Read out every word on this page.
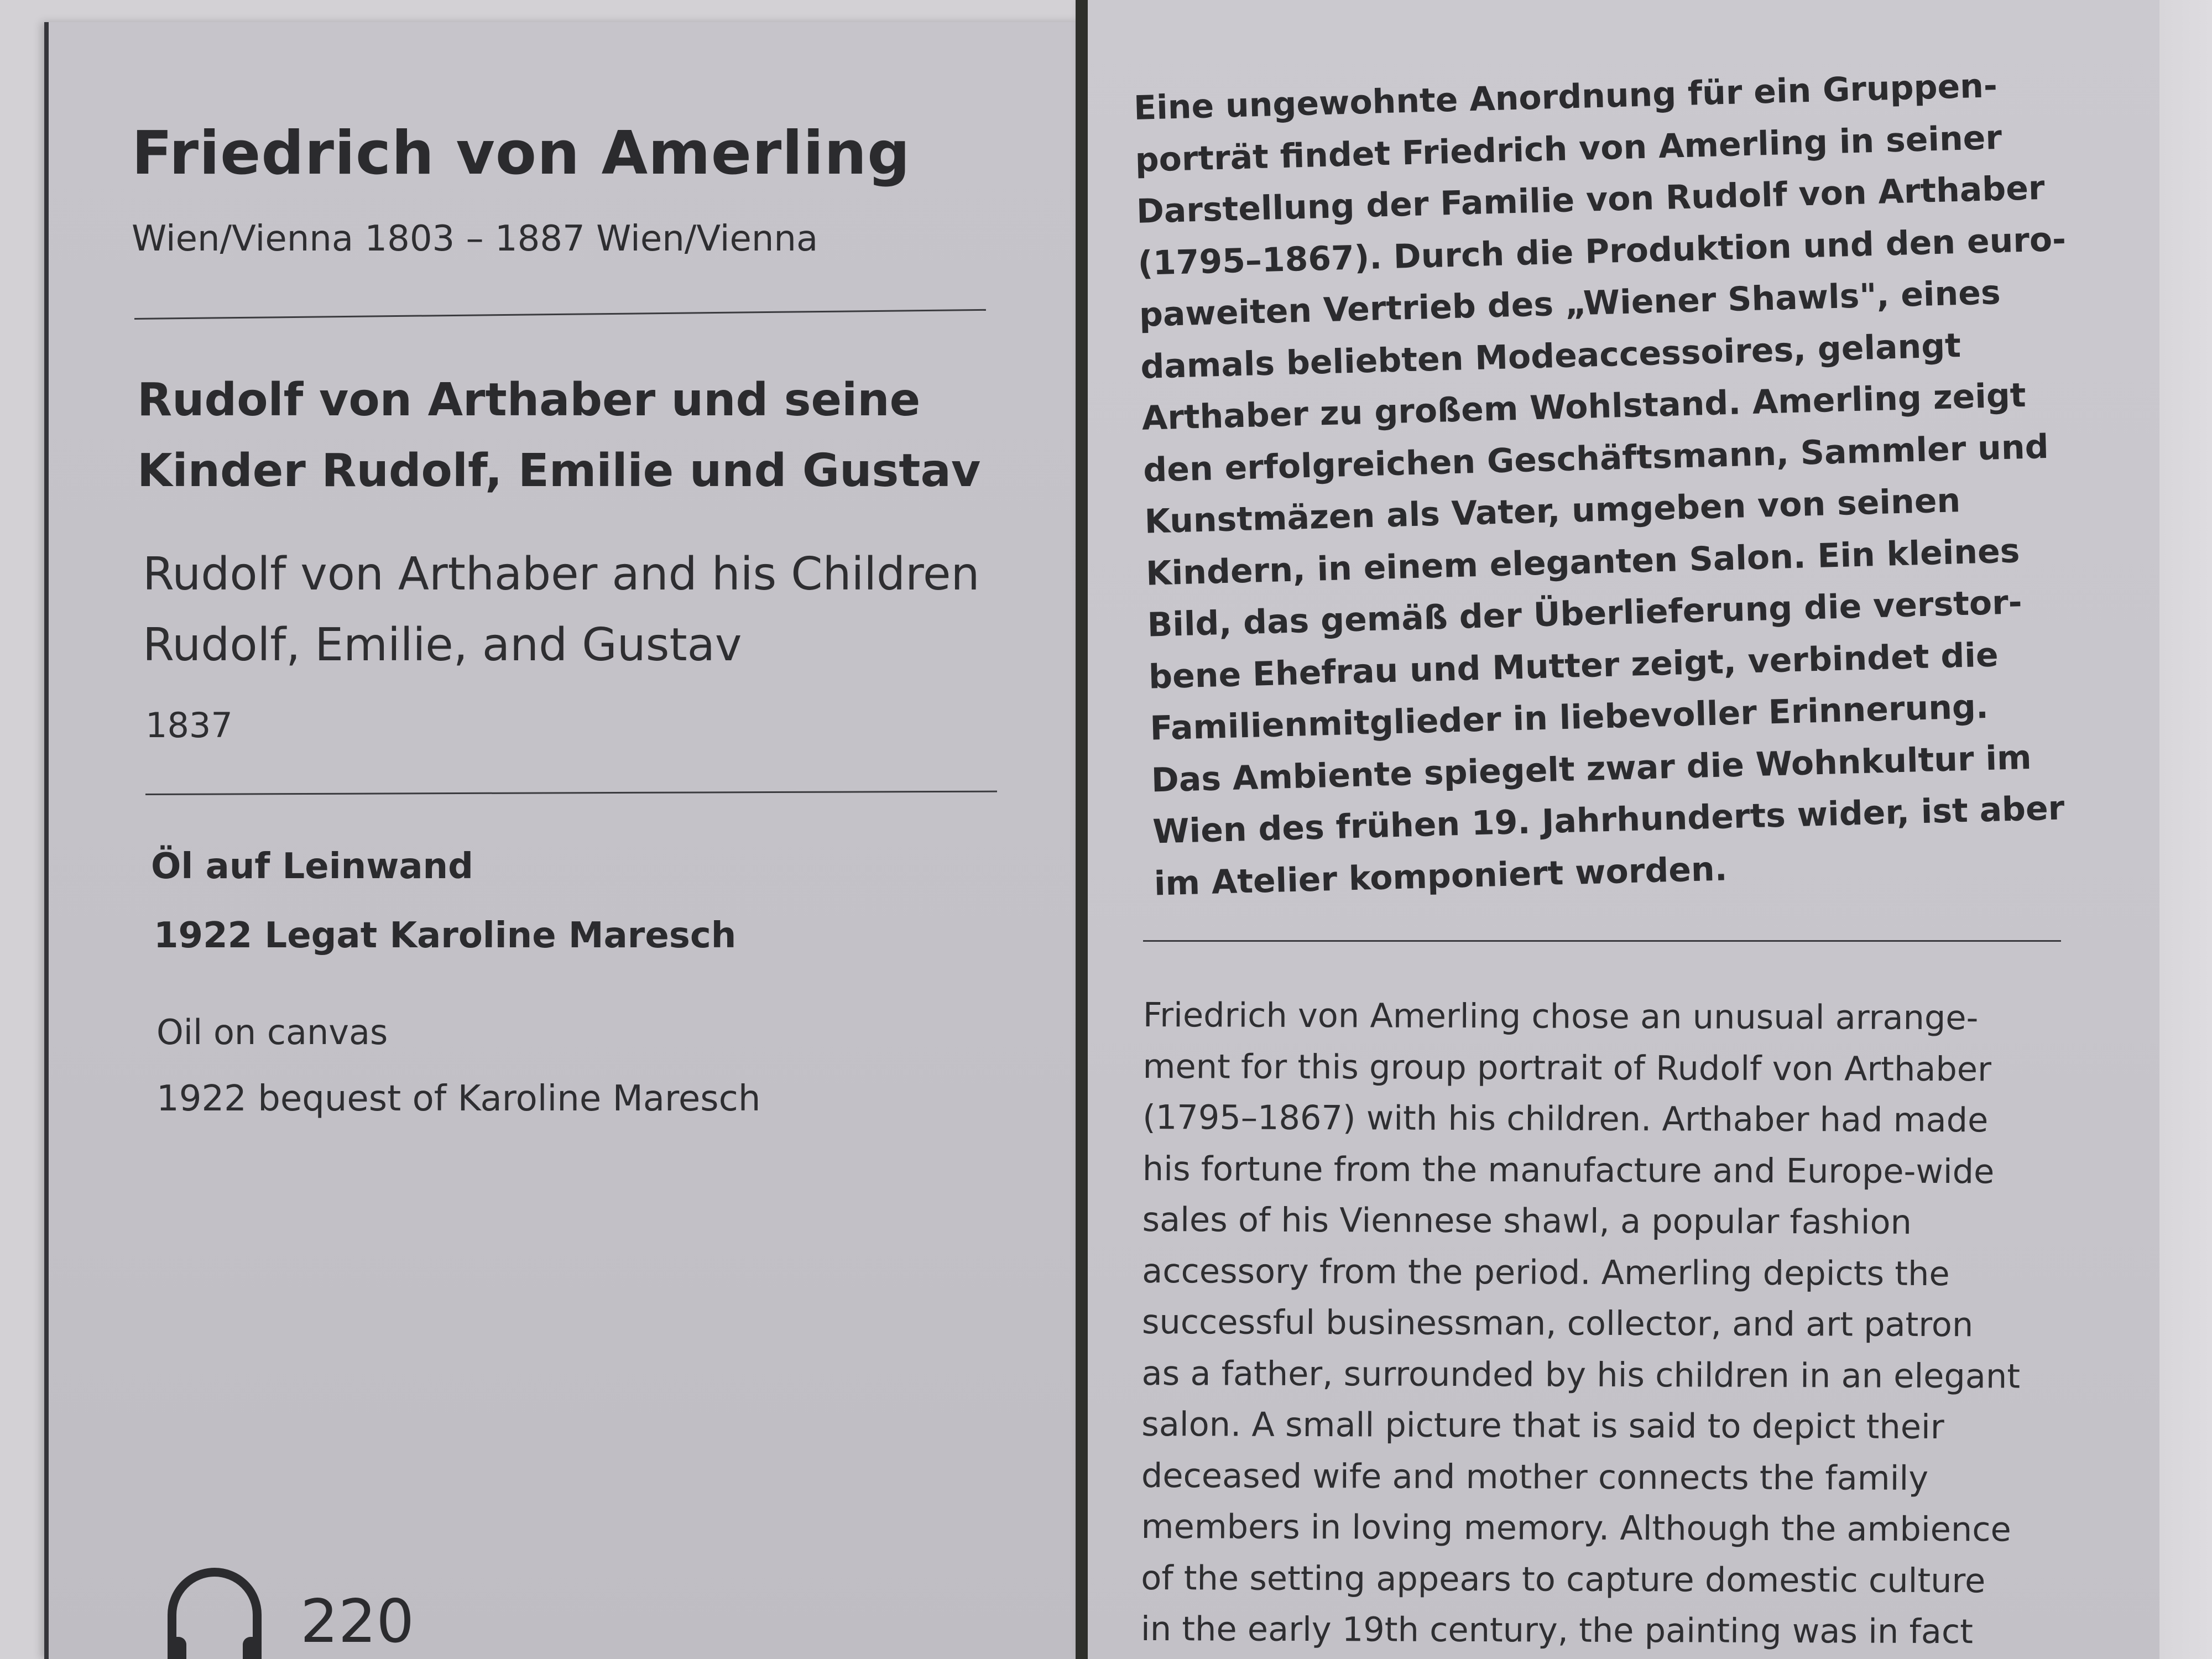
Friedrich von Amerling
Wien/Vienna 1803 – 1887 Wien/Vienna
Rudolf von Arthaber und seine
Kinder Rudolf, Emilie und Gustav
Rudolf von Arthaber and his Children
Rudolf, Emilie, and Gustav
1837
Öl auf Leinwand
1922 Legat Karoline Maresch
Oil on canvas
1922 bequest of Karoline Maresch
220
Eine ungewohnte Anordnung für ein Gruppen-
porträt findet Friedrich von Amerling in seiner
Darstellung der Familie von Rudolf von Arthaber
(1795–1867). Durch die Produktion und den euro-
paweiten Vertrieb des „Wiener Shawls", eines
damals beliebten Modeaccessoires, gelangt
Arthaber zu großem Wohlstand. Amerling zeigt
den erfolgreichen Geschäftsmann, Sammler und
Kunstmäzen als Vater, umgeben von seinen
Kindern, in einem eleganten Salon. Ein kleines
Bild, das gemäß der Überlieferung die verstor-
bene Ehefrau und Mutter zeigt, verbindet die
Familienmitglieder in liebevoller Erinnerung.
Das Ambiente spiegelt zwar die Wohnkultur im
Wien des frühen 19. Jahrhunderts wider, ist aber
im Atelier komponiert worden.
Friedrich von Amerling chose an unusual arrange-
ment for this group portrait of Rudolf von Arthaber
(1795–1867) with his children. Arthaber had made
his fortune from the manufacture and Europe-wide
sales of his Viennese shawl, a popular fashion
accessory from the period. Amerling depicts the
successful businessman, collector, and art patron
as a father, surrounded by his children in an elegant
salon. A small picture that is said to depict their
deceased wife and mother connects the family
members in loving memory. Although the ambience
of the setting appears to capture domestic culture
in the early 19th century, the painting was in fact
